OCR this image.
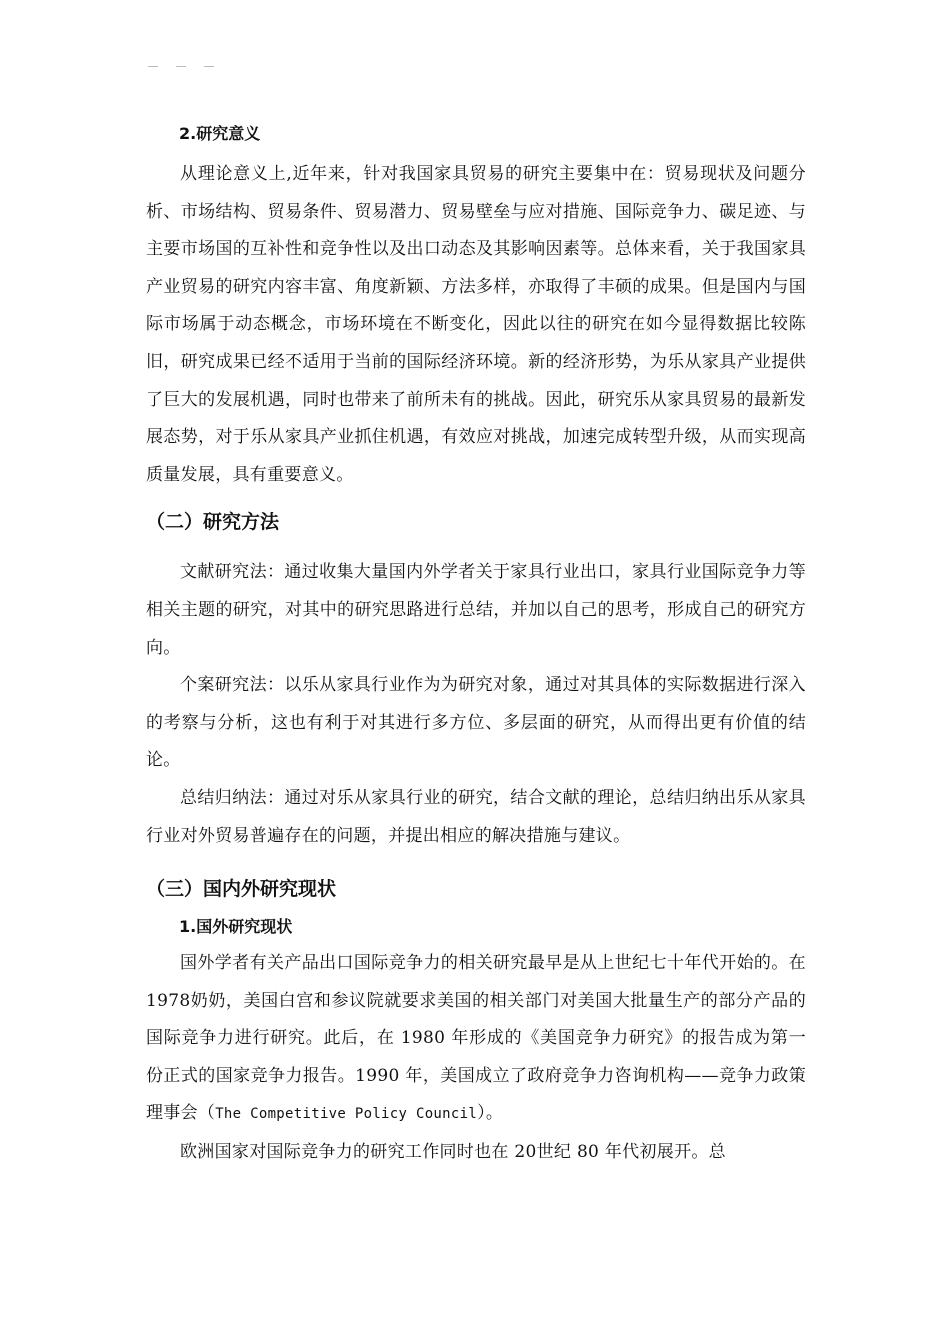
2.研究意义

从理论意义上,近年来，针对我国家具贸易的研究主要集中在：贸易现状及问题分析、市场结构、贸易条件、贸易潜力、贸易壁垒与应对措施、国际竞争力、碳足迹、与主要市场国的互补性和竞争性以及出口动态及其影响因素等。总体来看，关于我国家具产业贸易的研究内容丰富、角度新颖、方法多样，亦取得了丰硕的成果。但是国内与国际市场属于动态概念，市场环境在不断变化，因此以往的研究在如今显得数据比较陈旧，研究成果已经不适用于当前的国际经济环境。新的经济形势，为乐从家具产业提供了巨大的发展机遇，同时也带来了前所未有的挑战。因此，研究乐从家具贸易的最新发展态势，对于乐从家具产业抓住机遇，有效应对挑战，加速完成转型升级，从而实现高质量发展，具有重要意义。

（二）研究方法

文献研究法：通过收集大量国内外学者关于家具行业出口，家具行业国际竞争力等相关主题的研究，对其中的研究思路进行总结，并加以自己的思考，形成自己的研究方向。

个案研究法：以乐从家具行业作为为研究对象，通过对其具体的实际数据进行深入的考察与分析，这也有利于对其进行多方位、多层面的研究，从而得出更有价值的结论。

总结归纳法：通过对乐从家具行业的研究，结合文献的理论，总结归纳出乐从家具行业对外贸易普遍存在的问题，并提出相应的解决措施与建议。

（三）国内外研究现状
1.国外研究现状

国外学者有关产品出口国际竞争力的相关研究最早是从上世纪七十年代开始的。在1978奶奶，美国白宫和参议院就要求美国的相关部门对美国大批量生产的部分产品的国际竞争力进行研究。此后，在 1980 年形成的《美国竞争力研究》的报告成为第一份正式的国家竞争力报告。1990 年，美国成立了政府竞争力咨询机构——竞争力政策理事会（The Competitive Policy Council）。

欧洲国家对国际竞争力的研究工作同时也在 20世纪 80 年代初展开。总
